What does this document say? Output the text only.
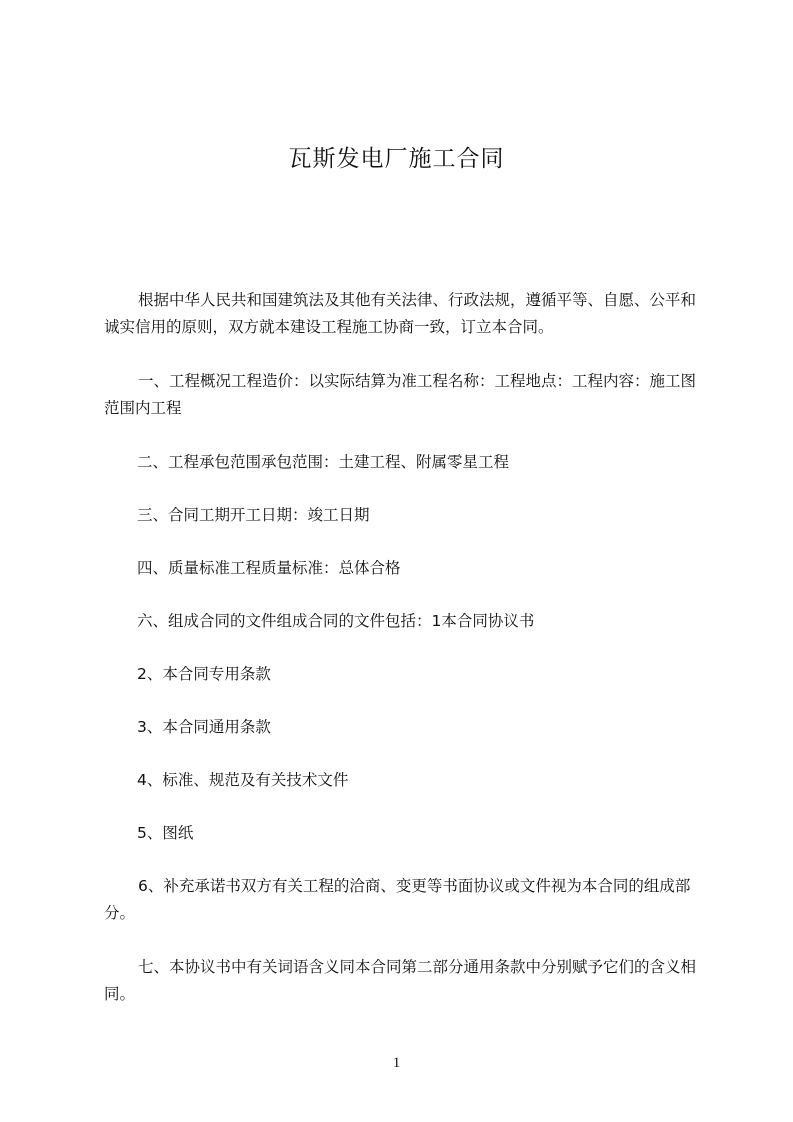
瓦斯发电厂施工合同

根据中华人民共和国建筑法及其他有关法律、行政法规，遵循平等、自愿、公平和诚实信用的原则，双方就本建设工程施工协商一致，订立本合同。

一、工程概况工程造价：以实际结算为准工程名称：工程地点：工程内容：施工图范围内工程

二、工程承包范围承包范围：土建工程、附属零星工程

三、合同工期开工日期：竣工日期

四、质量标准工程质量标准：总体合格

六、组成合同的文件组成合同的文件包括：1本合同协议书

2、本合同专用条款

3、本合同通用条款

4、标准、规范及有关技术文件

5、图纸

6、补充承诺书双方有关工程的洽商、变更等书面协议或文件视为本合同的组成部分。

七、本协议书中有关词语含义同本合同第二部分通用条款中分别赋予它们的含义相同。

1
